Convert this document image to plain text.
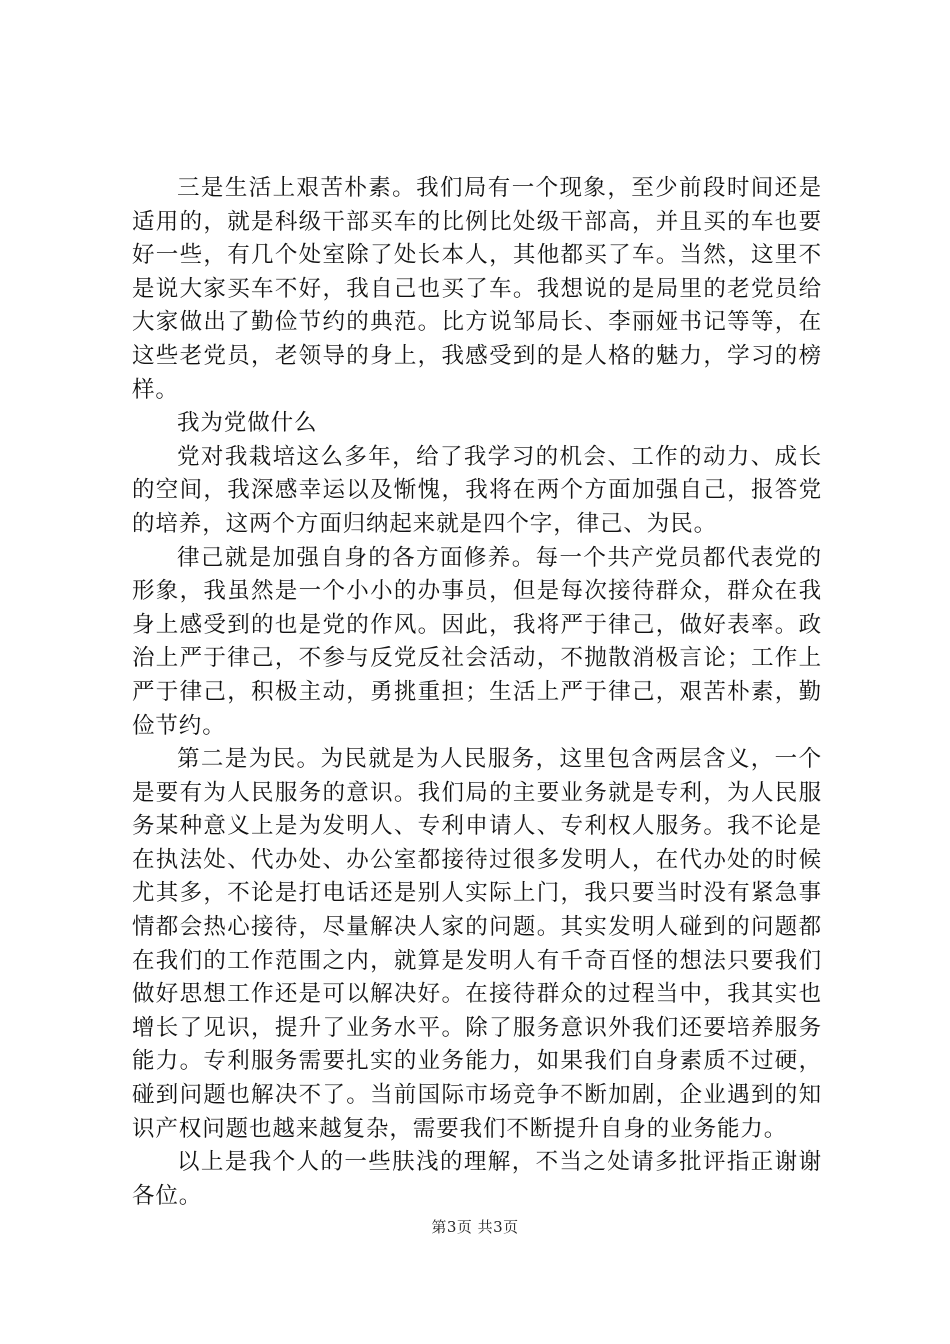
三是生活上艰苦朴素。我们局有一个现象，至少前段时间还是适用的，就是科级干部买车的比例比处级干部高，并且买的车也要好一些，有几个处室除了处长本人，其他都买了车。当然，这里不是说大家买车不好，我自己也买了车。我想说的是局里的老党员给大家做出了勤俭节约的典范。比方说邹局长、李丽娅书记等等，在这些老党员，老领导的身上，我感受到的是人格的魅力，学习的榜样。

我为党做什么

党对我栽培这么多年，给了我学习的机会、工作的动力、成长的空间，我深感幸运以及惭愧，我将在两个方面加强自己，报答党的培养，这两个方面归纳起来就是四个字，律己、为民。

律己就是加强自身的各方面修养。每一个共产党员都代表党的形象，我虽然是一个小小的办事员，但是每次接待群众，群众在我身上感受到的也是党的作风。因此，我将严于律己，做好表率。政治上严于律己，不参与反党反社会活动，不抛散消极言论；工作上严于律己，积极主动，勇挑重担；生活上严于律己，艰苦朴素，勤俭节约。

第二是为民。为民就是为人民服务，这里包含两层含义，一个是要有为人民服务的意识。我们局的主要业务就是专利，为人民服务某种意义上是为发明人、专利申请人、专利权人服务。我不论是在执法处、代办处、办公室都接待过很多发明人，在代办处的时候尤其多，不论是打电话还是别人实际上门，我只要当时没有紧急事情都会热心接待，尽量解决人家的问题。其实发明人碰到的问题都在我们的工作范围之内，就算是发明人有千奇百怪的想法只要我们做好思想工作还是可以解决好。在接待群众的过程当中，我其实也增长了见识，提升了业务水平。除了服务意识外我们还要培养服务能力。专利服务需要扎实的业务能力，如果我们自身素质不过硬，碰到问题也解决不了。当前国际市场竞争不断加剧，企业遇到的知识产权问题也越来越复杂，需要我们不断提升自身的业务能力。

以上是我个人的一些肤浅的理解，不当之处请多批评指正谢谢各位。

第3页 共3页
